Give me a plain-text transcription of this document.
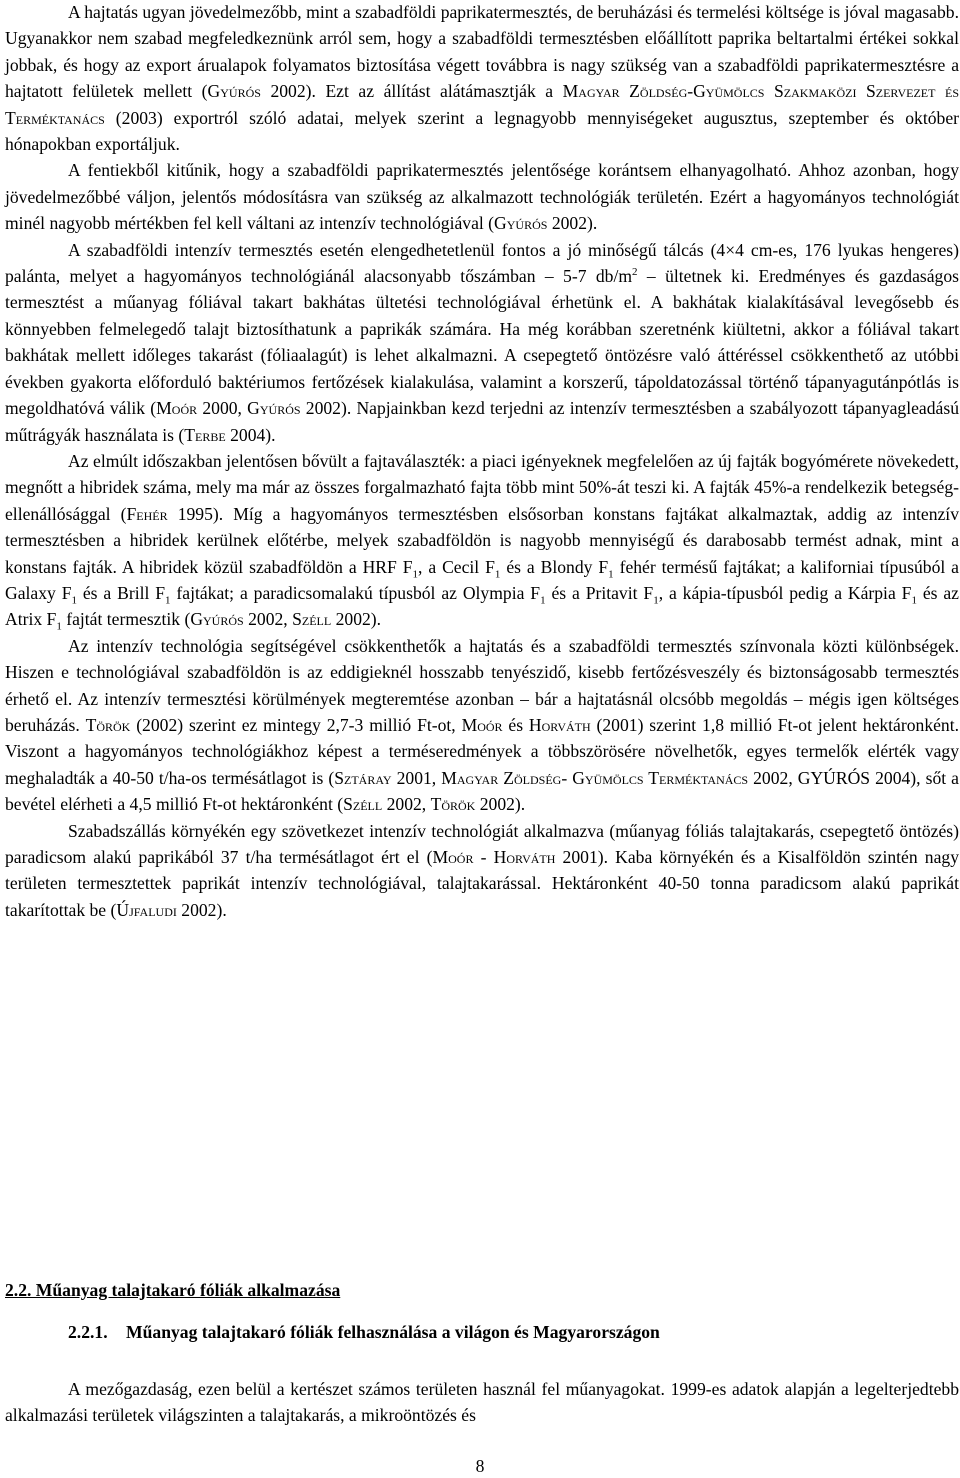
A hajtatás ugyan jövedelmezőbb, mint a szabadföldi paprikatermesztés, de beruházási és termelési költsége is jóval magasabb. Ugyanakkor nem szabad megfeledkeznünk arról sem, hogy a szabadföldi termesztésben előállított paprika beltartalmi értékei sokkal jobbak, és hogy az export árualapok folyamatos biztosítása végett továbbra is nagy szükség van a szabadföldi paprikatermesztésre a hajtatott felületek mellett (Gyúrós 2002). Ezt az állítást alátámasztják a Magyar Zöldség-Gyümölcs Szakmaközi Szervezet és Terméktanács (2003) exportról szóló adatai, melyek szerint a legnagyobb mennyiségeket augusztus, szeptember és október hónapokban exportáljuk.

A fentiekből kitűnik, hogy a szabadföldi paprikatermesztés jelentősége korántsem elhanyagolható. Ahhoz azonban, hogy jövedelmezőbbé váljon, jelentős módosításra van szükség az alkalmazott technológiák területén. Ezért a hagyományos technológiát minél nagyobb mértékben fel kell váltani az intenzív technológiával (Gyúrós 2002).

A szabadföldi intenzív termesztés esetén elengedhetetlenül fontos a jó minőségű tálcás (4×4 cm-es, 176 lyukas hengeres) palánta, melyet a hagyományos technológiánál alacsonyabb tőszámban – 5-7 $db/m^2$ – ültetnek ki. Eredményes és gazdaságos termesztést a műanyag fóliával takart bakhátas ültetési technológiával érhetünk el. A bakhátak kialakításával levegősebb és könnyebben felmelegedő talajt biztosíthatunk a paprikák számára. Ha még korábban szeretnénk kiültetni, akkor a fóliával takart bakhátak mellett időleges takarást (fóliaalagút) is lehet alkalmazni. A csepegtető öntözésre való áttéréssel csökkenthető az utóbbi években gyakorta előforduló baktériumos fertőzések kialakulása, valamint a korszerű, tápoldatozással történő tápanyagutánpótlás is megoldhatóvá válik (Moór 2000, Gyúrós 2002). Napjainkban kezd terjedni az intenzív termesztésben a szabályozott tápanyagleadású műtrágyák használata is (Terbe 2004).

Az elmúlt időszakban jelentősen bővült a fajtaválaszték: a piaci igényeknek megfelelően az új fajták bogyómérete növekedett, megnőtt a hibridek száma, mely ma már az összes forgalmazható fajta több mint 50%-át teszi ki. A fajták 45%-a rendelkezik betegség-ellenállósággal (Fehér 1995). Míg a hagyományos termesztésben elsősorban konstans fajtákat alkalmaztak, addig az intenzív termesztésben a hibridek kerülnek előtérbe, melyek szabadföldön is nagyobb mennyiségű és darabosabb termést adnak, mint a konstans fajták. A hibridek közül szabadföldön a HRF $F_1$, a Cecil $F_1$ és a Blondy $F_1$ fehér termésű fajtákat; a kaliforniai típusúból a Galaxy $F_1$ és a Brill $F_1$ fajtákat; a paradicsomalakú típusból az Olympia $F_1$ és a Pritavit $F_1$, a kápia-típusból pedig a Kárpia $F_1$ és az Atrix $F_1$ fajtát termesztik (Gyúrós 2002, Széll 2002).

Az intenzív technológia segítségével csökkenthetők a hajtatás és a szabadföldi termesztés színvonala közti különbségek. Hiszen e technológiával szabadföldön is az eddigieknél hosszabb tenyészidő, kisebb fertőzésveszély és biztonságosabb termesztés érhető el. Az intenzív termesztési körülmények megteremtése azonban – bár a hajtatásnál olcsóbb megoldás – mégis igen költséges beruházás. Török (2002) szerint ez mintegy 2,7-3 millió Ft-ot, Moór és Horváth (2001) szerint 1,8 millió Ft-ot jelent hektáronként. Viszont a hagyományos technológiákhoz képest a terméseredmények a többszörösére növelhetők, egyes termelők elérték vagy meghaladták a 40-50 t/ha-os termésátlagot is (Sztáray 2001, Magyar Zöldség- Gyümölcs Terméktanács 2002, GYÚRÓS 2004), sőt a bevétel elérheti a 4,5 millió Ft-ot hektáronként (Széll 2002, Török 2002).

Szabadszállás környékén egy szövetkezet intenzív technológiát alkalmazva (műanyag fóliás talajtakarás, csepegtető öntözés) paradicsom alakú paprikából 37 t/ha termésátlagot ért el (Moór - Horváth 2001). Kaba környékén és a Kisalföldön szintén nagy területen termesztettek paprikát intenzív technológiával, talajtakarással. Hektáronként 40-50 tonna paradicsom alakú paprikát takarítottak be (Újfaludi 2002).

2.2. Műanyag talajtakaró fóliák alkalmazása
2.2.1. Műanyag talajtakaró fóliák felhasználása a világon és Magyarországon

A mezőgazdaság, ezen belül a kertészet számos területen használ fel műanyagokat. 1999-es adatok alapján a legelterjedtebb alkalmazási területek világszinten a talajtakarás, a mikroöntözés és

8
